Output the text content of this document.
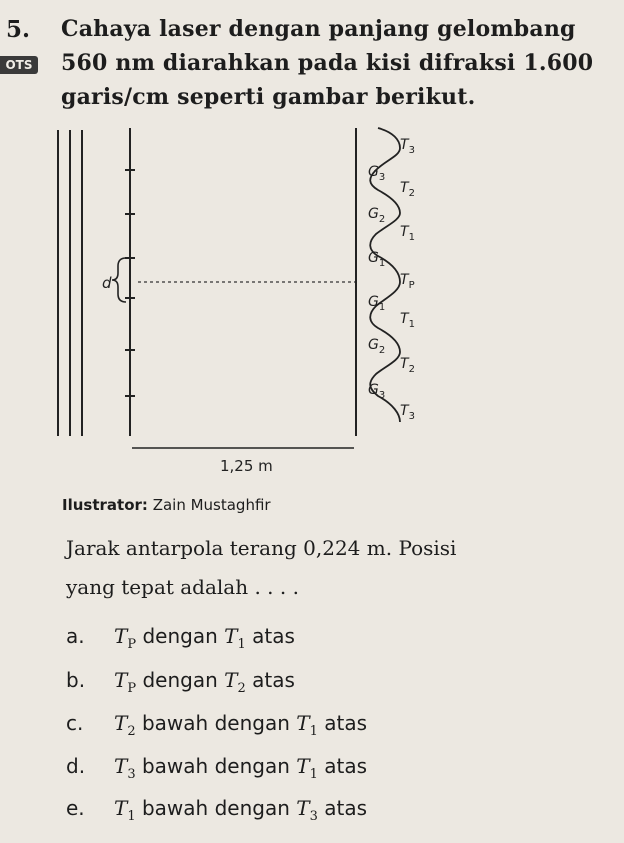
5.
OTS
Cahaya laser dengan panjang gelombang
560 nm diarahkan pada kisi difraksi 1.600
garis/cm seperti gambar berikut.
d
1,25 m
$T_3$
$G_3$
$T_2$
$G_2$
$T_1$
$G_1$
$T_P$
$G_1$
$T_1$
$G_2$
$T_2$
$G_3$
$T_3$
Ilustrator: Zain Mustaghfir
Jarak antarpola terang 0,224 m. Posisi
yang tepat adalah . . . .
a. $T_P$ dengan $T_1$ atas
b. $T_P$ dengan $T_2$ atas
c. $T_2$ bawah dengan $T_1$ atas
d. $T_3$ bawah dengan $T_1$ atas
e. $T_1$ bawah dengan $T_3$ atas
